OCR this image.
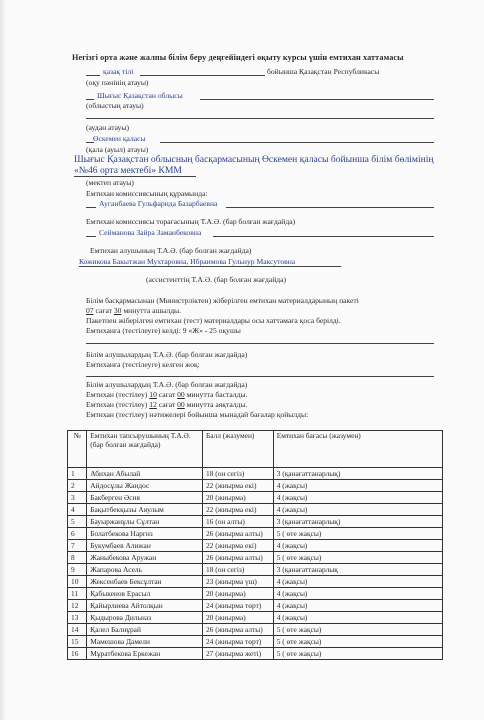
Негізгі орта және жалпы білім беру деңгейіндегі оқыту курсы үшін емтихан хаттамасы
қазақ тілі	бойынша Қазақстан Республикасы
(оқу пәнінің атауы)
Шығыс Қазақстан облысы
(облыстың атауы)
(аудан атауы)
Өскемен қаласы
(қала (ауыл) атауы)
Шығыс Қазақстан облысның басқармасының Өскемен қаласы бойынша білім бөлімінің
«№46 орта мектебі» КММ
(мектеп атауы)
Емтихан комиссиясының құрамында:
Ауганбаева Гульфарида Базарбаевна
Емтихан комиссиясы торағасының Т.А.Ә. (бар болған жағдайда)
Сейманова Зайра Заманбековна
Емтихан алушының Т.А.Ә. (бар болған жағдайда)
Кожикова Бакытжан Мухтаровна, Ибраимова Гульнур Максутовна
(ассистенттің Т.А.Ә. (бар болған жағдайда)
Білім басқармасынан (Министрліктен) жіберілген емтихан материалдарының пакеті
07 сағат 30 минутта ашылды.
Пакетпен жіберілген емтихан (тест) материалдары осы хаттамаға қоса берілді.
Емтиханға (тестілеуге) келді: 9 «Ж» - 25 оқушы
Білім алушылардың Т.А.Ә. (бар болған жағдайда)
Емтиханға (тестілеуге) келген жоқ:
Білім алушылардың Т.А.Ә. (бар болған жағдайда)
Емтихан (тестілеу) 10 сағат 00 минутта басталды.
Емтихан (тестілеу) 12 сағат 00 минутта аяқталды.
Емтихан (тестілеу) нәтижелері бойынша мынадай бағалар қойылды:
№	Емтихан тапсырушының Т.А.Ә. (бар болған жағдайда)	Балл (жазумен)	Емтихан бағасы (жазумен)
1	Абихан Абылай	18 (он сегіз)	3 (қанағаттанарлық)
2	Айдосұлы Жандос	22 (жиырма екі)	4 (жақсы)
3	Бакберген Әсия	20 (жиырма)	4 (жақсы)
4	Бақытбекқызы Аяулым	22 (жиырма екі)	4 (жақсы)
5	Бауыржанұлы Сұлтан	16 (он алты)	3 (қанағаттанарлық)
6	Болатбекова Наргиз	26 (жиырма алты)	5 ( өте жақсы)
7	Букумбаев Алижан	22 (жиырма екі)	4 (жақсы)
8	Жаныбекова Аружан	26 (жиырма алты)	5 ( өте жақсы)
9	Жапарова Асель	18 (он сегіз)	3 (қанағаттанарлық
10	Жексенбаев Бексұлтан	23 (жиырма үш)	4 (жақсы)
11	Қабыкенов Ерасыл	20 (жиырма)	4 (жақсы)
12	Қайырлиева Айтолқын	24 (жиырма төрт)	4 (жақсы)
13	Қыдырова Дильназ	20 (жиырма)	4 (жақсы)
14	Қалел Балнұрай	26 (жиырма алты)	5 ( өте жақсы)
15	Мамешова Дамели	24 (жиырма төрт)	5 ( өте жақсы)
16	Мұратбекова Еркежан	27 (жиырма жеті)	5 ( өте жақсы)
